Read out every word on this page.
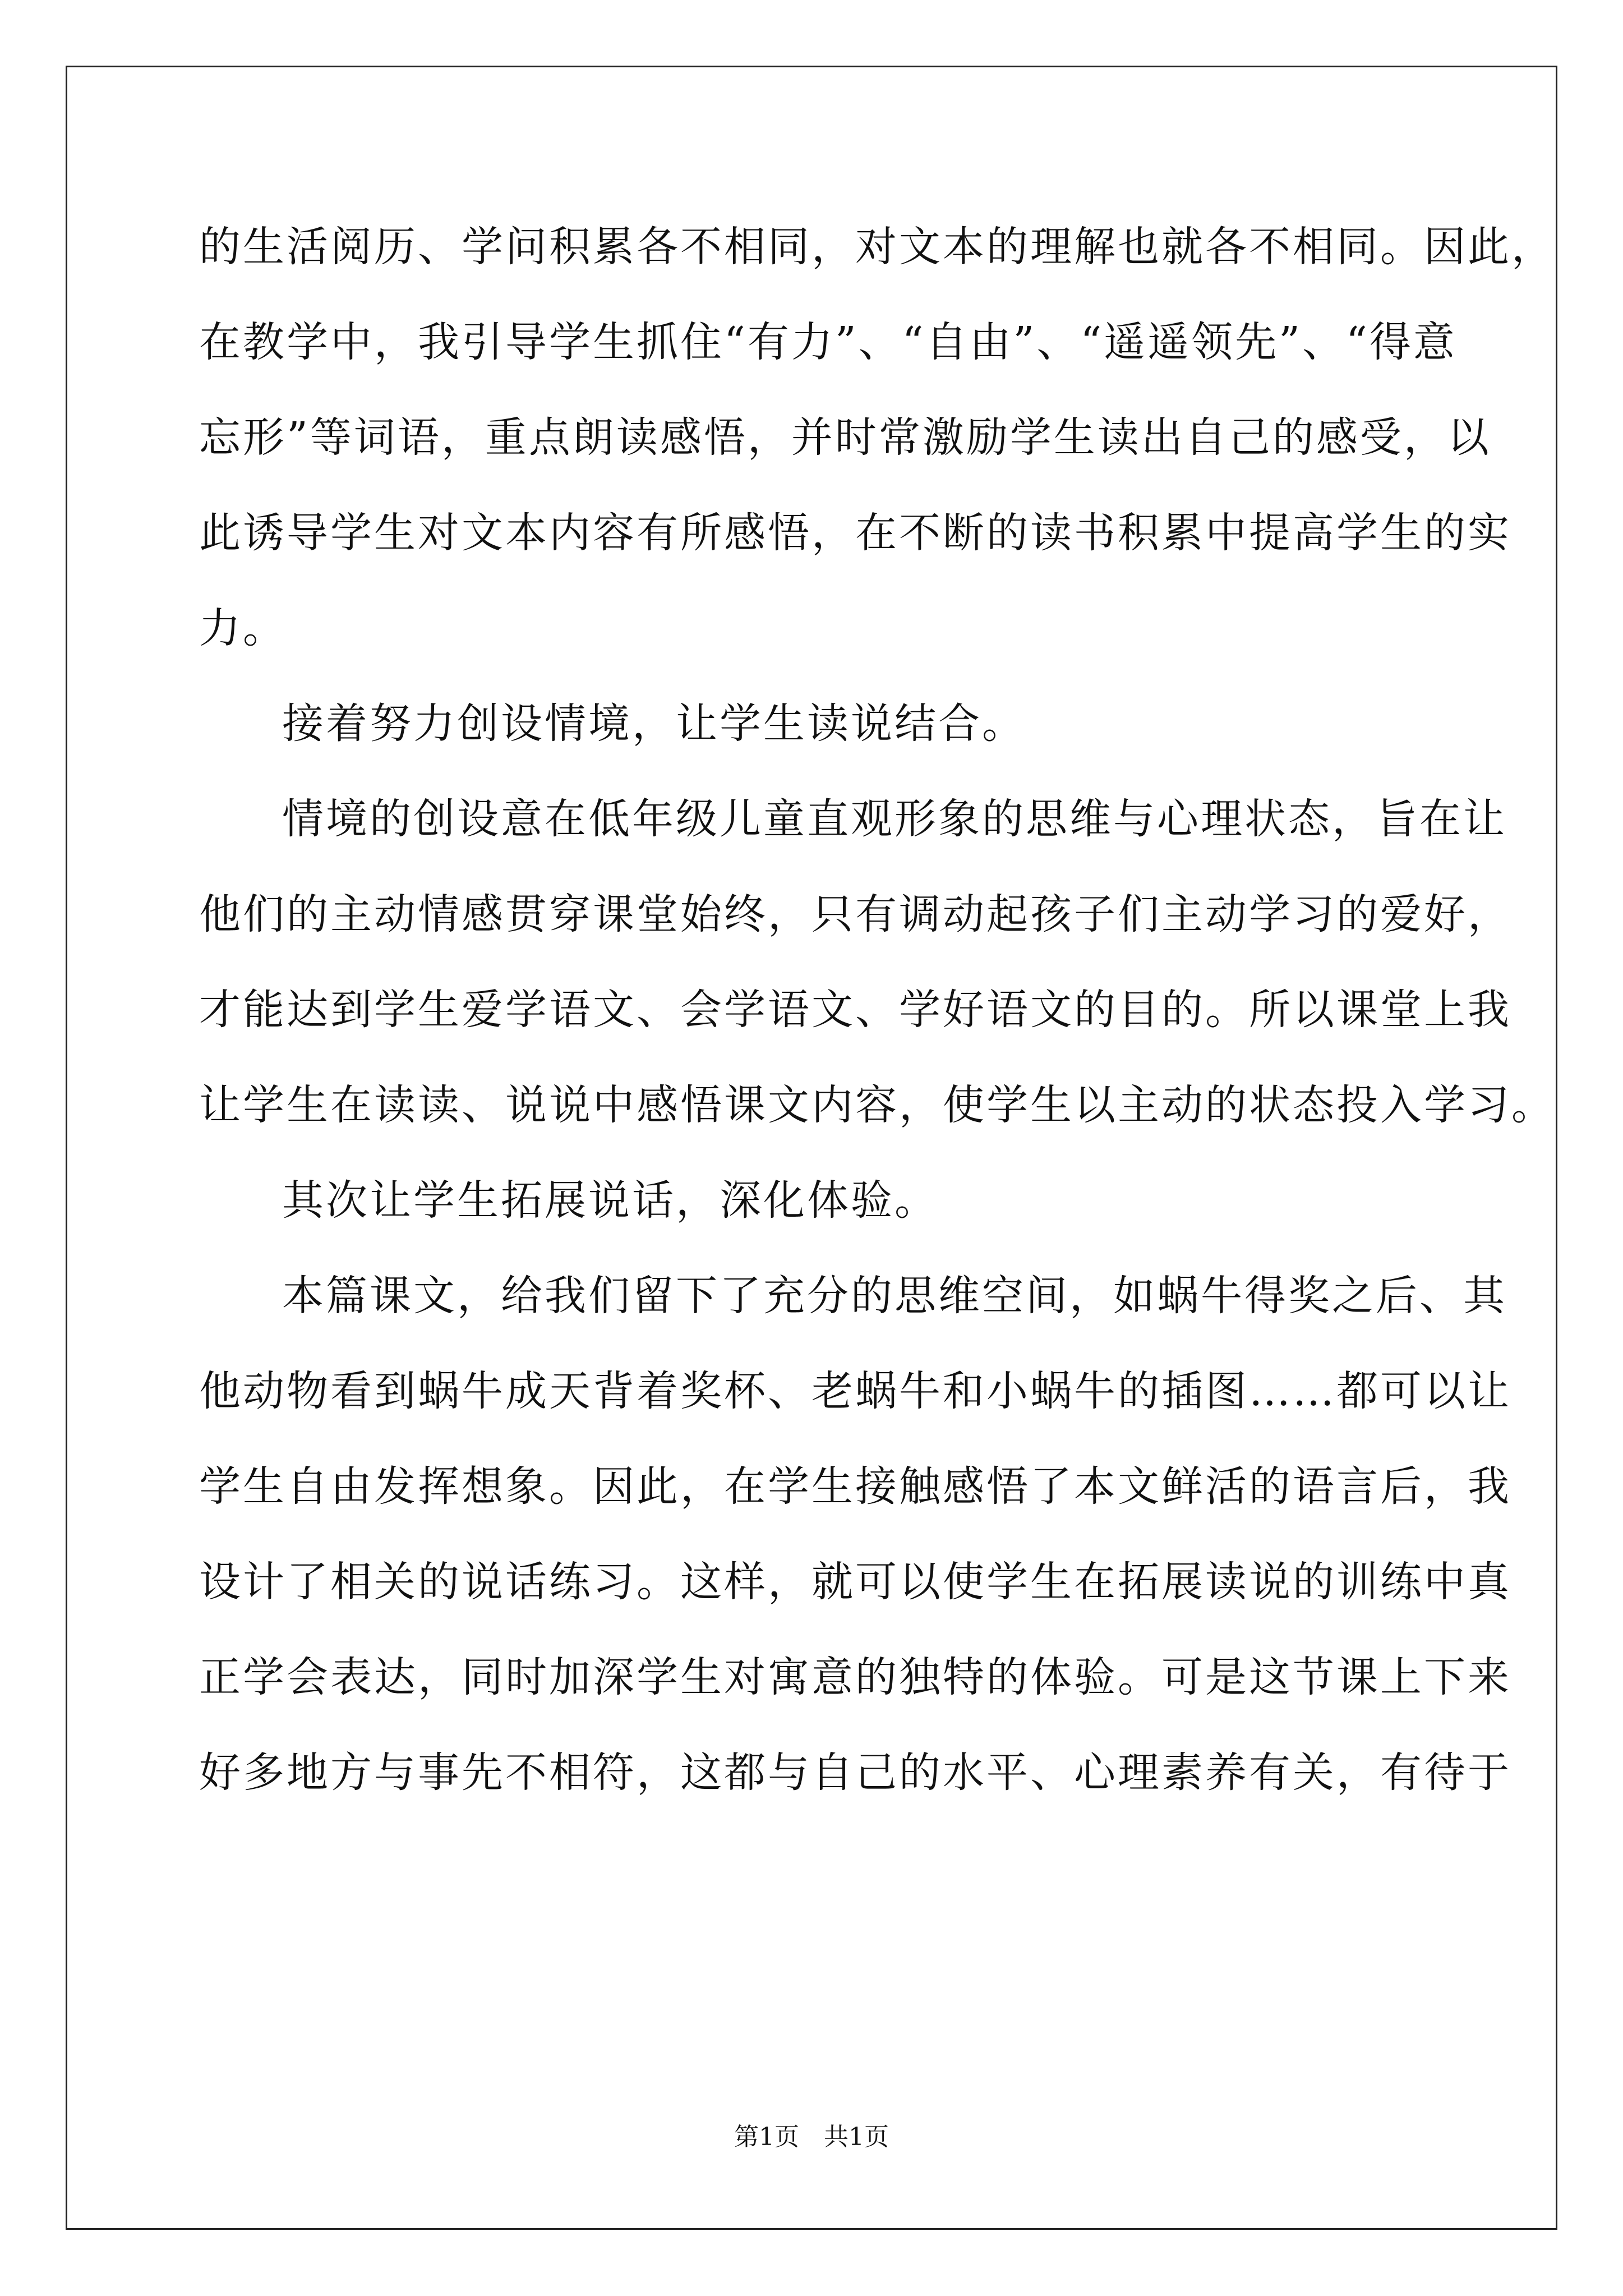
的生活阅历、学问积累各不相同，对文本的理解也就各不相同。因此，
在教学中，我引导学生抓住“有力”、“自由”、“遥遥领先”、“得意
忘形”等词语，重点朗读感悟，并时常激励学生读出自己的感受，以
此诱导学生对文本内容有所感悟，在不断的读书积累中提高学生的实
力。
接着努力创设情境，让学生读说结合。
情境的创设意在低年级儿童直观形象的思维与心理状态，旨在让
他们的主动情感贯穿课堂始终，只有调动起孩子们主动学习的爱好，
才能达到学生爱学语文、会学语文、学好语文的目的。所以课堂上我
让学生在读读、说说中感悟课文内容，使学生以主动的状态投入学习。
其次让学生拓展说话，深化体验。
本篇课文，给我们留下了充分的思维空间，如蜗牛得奖之后、其
他动物看到蜗牛成天背着奖杯、老蜗牛和小蜗牛的插图……都可以让
学生自由发挥想象。因此，在学生接触感悟了本文鲜活的语言后，我
设计了相关的说话练习。这样，就可以使学生在拓展读说的训练中真
正学会表达，同时加深学生对寓意的独特的体验。可是这节课上下来
好多地方与事先不相符，这都与自己的水平、心理素养有关，有待于
第1页　共1页
